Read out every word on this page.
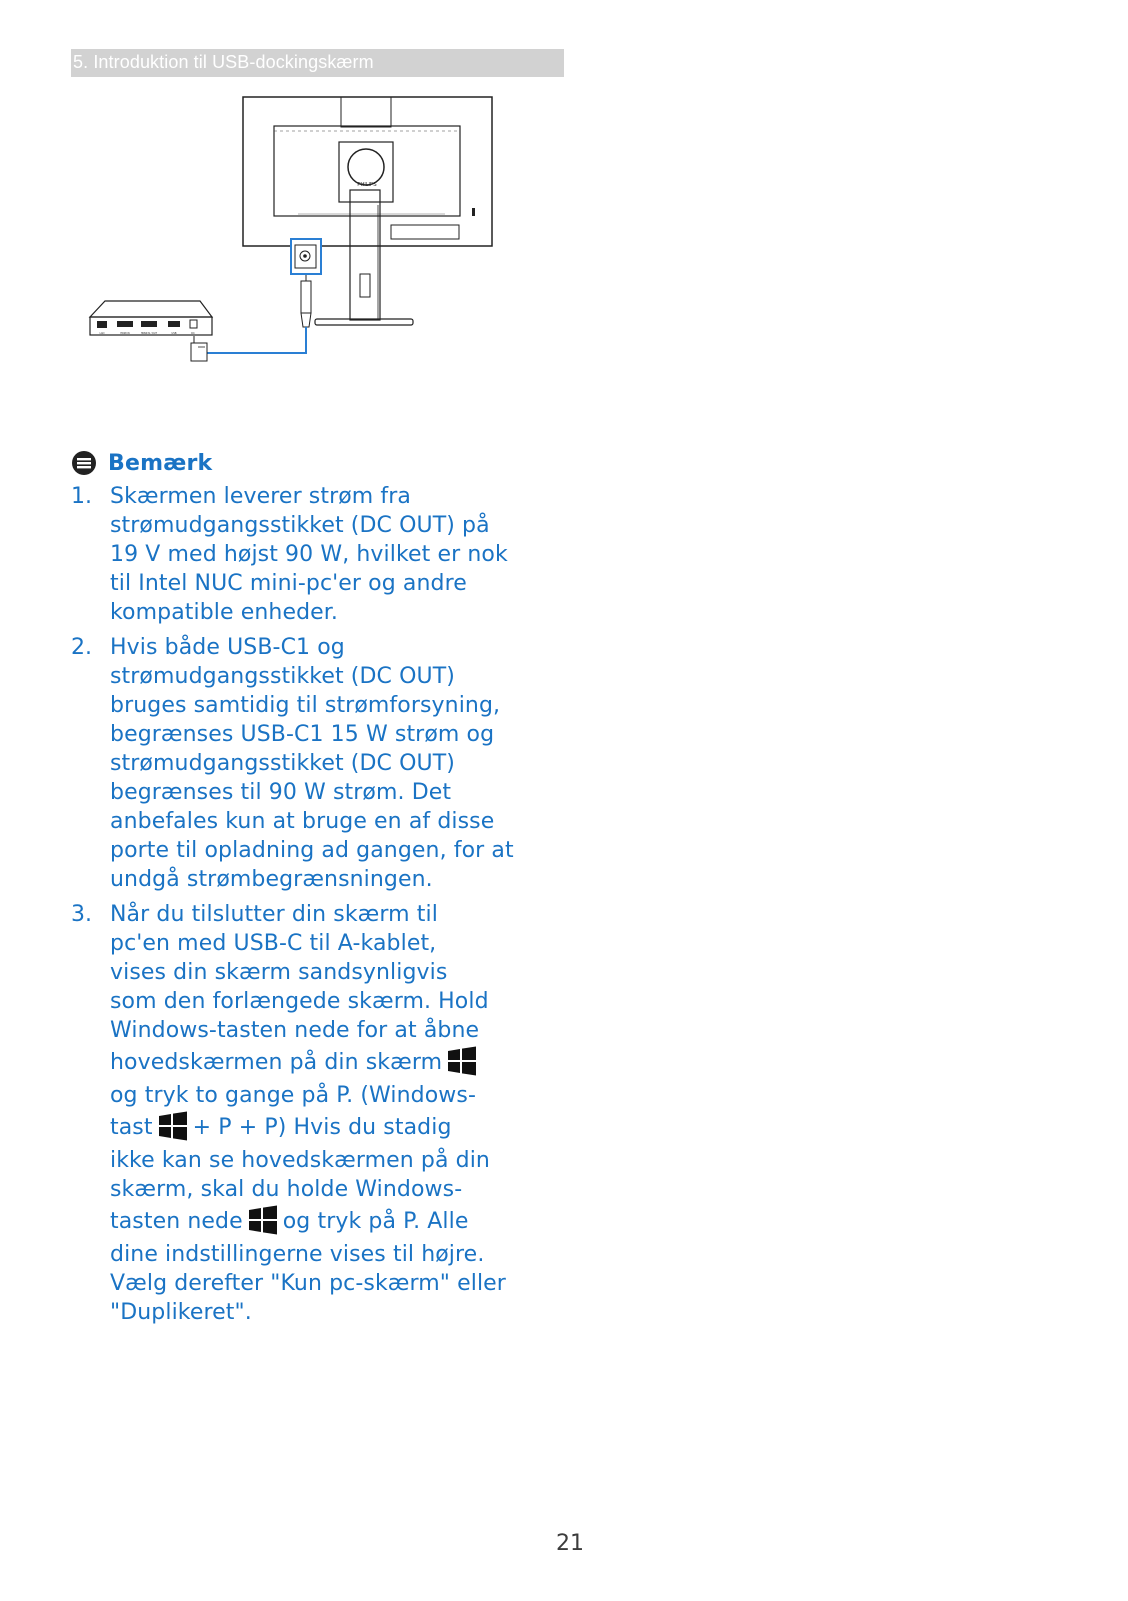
5. Introduktion til USB-dockingskærm
PHILIPS
LAN	HDMI IN	HDMI IN / OUT	USB	DC
Bemærk
1. Skærmen leverer strøm fra
strømudgangsstikket (DC OUT) på
19 V med højst 90 W, hvilket er nok
til Intel NUC mini-pc'er og andre
kompatible enheder.
2. Hvis både USB-C1 og
strømudgangsstikket (DC OUT)
bruges samtidig til strømforsyning,
begrænses USB-C1 15 W strøm og
strømudgangsstikket (DC OUT)
begrænses til 90 W strøm. Det
anbefales kun at bruge en af disse
porte til opladning ad gangen, for at
undgå strømbegrænsningen.
3. Når du tilslutter din skærm til
pc'en med USB-C til A-kablet,
vises din skærm sandsynligvis
som den forlængede skærm. Hold
Windows-tasten nede for at åbne
hovedskærmen på din skærm
og tryk to gange på P. (Windows-
tast + P + P) Hvis du stadig
ikke kan se hovedskærmen på din
skærm, skal du holde Windows-
tasten nede og tryk på P. Alle
dine indstillingerne vises til højre.
Vælg derefter "Kun pc-skærm" eller
"Duplikeret".
21
